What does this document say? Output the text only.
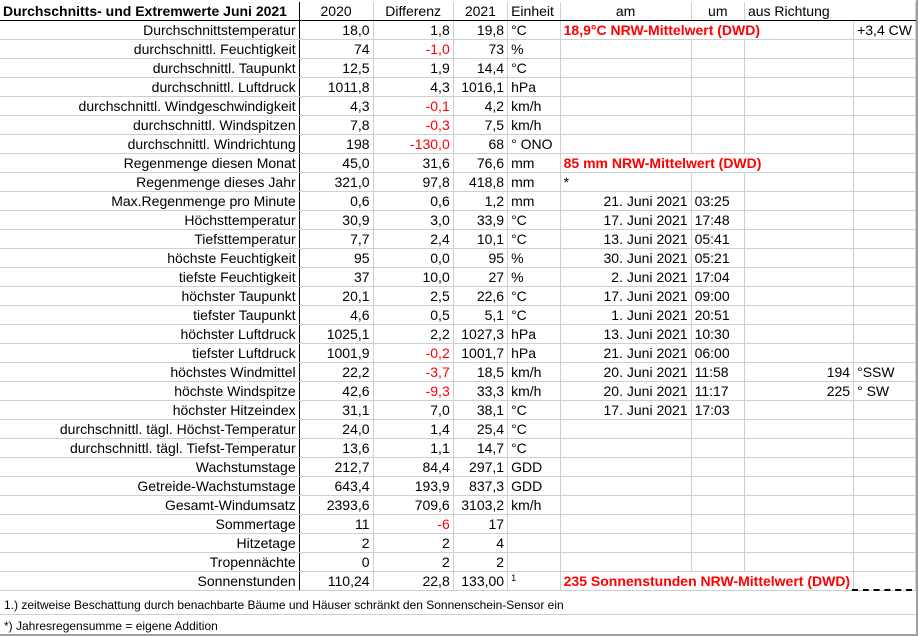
Durchschnitts- und Extremwerte Juni 2021	2020	Differenz	2021	Einheit	am	um	aus Richtung	
Durchschnittstemperatur	18,0	1,8	19,8	°C	18,9°C NRW-Mittelwert (DWD)			+3,4 CW
durchschnittl. Feuchtigkeit	74	-1,0	73	%				
durchschnittl. Taupunkt	12,5	1,9	14,4	°C				
durchschnittl. Luftdruck	1011,8	4,3	1016,1	hPa				
durchschnittl. Windgeschwindigkeit	4,3	-0,1	4,2	km/h				
durchschnittl. Windspitzen	7,8	-0,3	7,5	km/h				
durchschnittl. Windrichtung	198	-130,0	68	° ONO				
Regenmenge diesen Monat	45,0	31,6	76,6	mm	85 mm NRW-Mittelwert (DWD)			
Regenmenge dieses Jahr	321,0	97,8	418,8	mm	*			
Max.Regenmenge pro Minute	0,6	0,6	1,2	mm	21. Juni 2021	03:25		
Höchsttemperatur	30,9	3,0	33,9	°C	17. Juni 2021	17:48		
Tiefsttemperatur	7,7	2,4	10,1	°C	13. Juni 2021	05:41		
höchste Feuchtigkeit	95	0,0	95	%	30. Juni 2021	05:21		
tiefste Feuchtigkeit	37	10,0	27	%	2. Juni 2021	17:04		
höchster Taupunkt	20,1	2,5	22,6	°C	17. Juni 2021	09:00		
tiefster Taupunkt	4,6	0,5	5,1	°C	1. Juni 2021	20:51		
höchster Luftdruck	1025,1	2,2	1027,3	hPa	13. Juni 2021	10:30		
tiefster Luftdruck	1001,9	-0,2	1001,7	hPa	21. Juni 2021	06:00		
höchstes Windmittel	22,2	-3,7	18,5	km/h	20. Juni 2021	11:58	194	°SSW
höchste Windspitze	42,6	-9,3	33,3	km/h	20. Juni 2021	11:17	225	° SW
höchster Hitzeindex	31,1	7,0	38,1	°C	17. Juni 2021	17:03		
durchschnittl. tägl. Höchst-Temperatur	24,0	1,4	25,4	°C				
durchschnittl. tägl. Tiefst-Temperatur	13,6	1,1	14,7	°C				
Wachstumstage	212,7	84,4	297,1	GDD				
Getreide-Wachstumstage	643,4	193,9	837,3	GDD				
Gesamt-Windumsatz	2393,6	709,6	3103,2	km/h				
Sommertage	11	-6	17					
Hitzetage	2	2	4					
Tropennächte	0	2	2					
Sonnenstunden	110,24	22,8	133,00	$^1$	235 Sonnenstunden NRW-Mittelwert (DWD)			
1.) zeitweise Beschattung durch benachbarte Bäume und Häuser schränkt den Sonnenschein-Sensor ein
*) Jahresregensumme = eigene Addition
